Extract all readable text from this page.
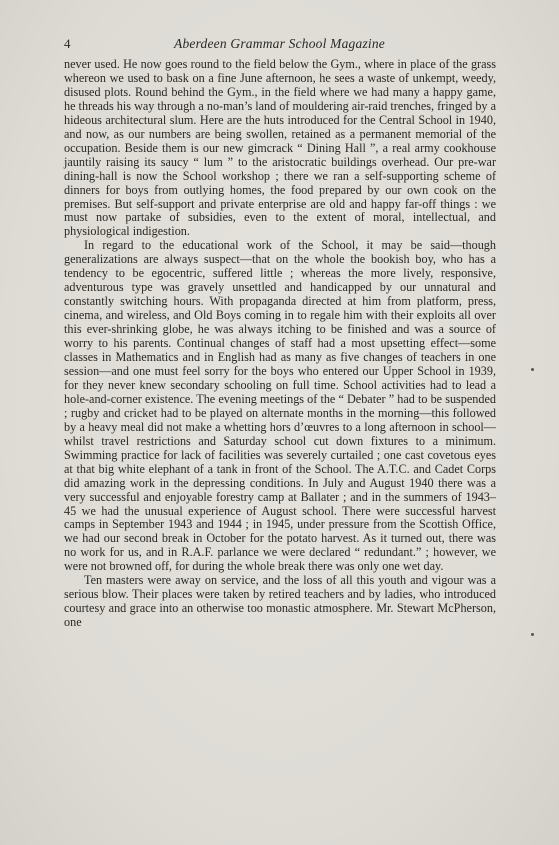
4	Aberdeen Grammar School Magazine

never used. He now goes round to the field below the Gym., where in place of the grass whereon we used to bask on a fine June afternoon, he sees a waste of unkempt, weedy, disused plots. Round behind the Gym., in the field where we had many a happy game, he threads his way through a no-man’s land of mouldering air-raid trenches, fringed by a hideous architectural slum. Here are the huts introduced for the Central School in 1940, and now, as our numbers are being swollen, retained as a permanent memorial of the occupation. Beside them is our new gimcrack “ Dining Hall ”, a real army cookhouse jauntily raising its saucy “ lum ” to the aristocratic buildings overhead. Our pre-war dining-hall is now the School workshop ; there we ran a self-supporting scheme of dinners for boys from outlying homes, the food prepared by our own cook on the premises. But self-support and private enterprise are old and happy far-off things : we must now partake of subsidies, even to the extent of moral, intellectual, and physiological indigestion.

In regard to the educational work of the School, it may be said—though generalizations are always suspect—that on the whole the bookish boy, who has a tendency to be egocentric, suffered little ; whereas the more lively, responsive, adventurous type was gravely unsettled and handicapped by our unnatural and constantly switching hours. With propaganda directed at him from platform, press, cinema, and wireless, and Old Boys coming in to regale him with their exploits all over this ever-shrinking globe, he was always itching to be finished and was a source of worry to his parents. Continual changes of staff had a most upsetting effect—some classes in Mathematics and in English had as many as five changes of teachers in one session—and one must feel sorry for the boys who entered our Upper School in 1939, for they never knew secondary schooling on full time. School activities had to lead a hole-and-corner existence. The evening meetings of the “ Debater ” had to be suspended ; rugby and cricket had to be played on alternate months in the morning—this followed by a heavy meal did not make a whetting hors d’œuvres to a long afternoon in school—whilst travel restrictions and Saturday school cut down fixtures to a minimum. Swimming practice for lack of facilities was severely curtailed ; one cast covetous eyes at that big white elephant of a tank in front of the School. The A.T.C. and Cadet Corps did amazing work in the depressing conditions. In July and August 1940 there was a very successful and enjoyable forestry camp at Ballater ; and in the summers of 1943–45 we had the unusual experience of August school. There were successful harvest camps in September 1943 and 1944 ; in 1945, under pressure from the Scottish Office, we had our second break in October for the potato harvest. As it turned out, there was no work for us, and in R.A.F. parlance we were declared “ redundant.” ; however, we were not browned off, for during the whole break there was only one wet day.

Ten masters were away on service, and the loss of all this youth and vigour was a serious blow. Their places were taken by retired teachers and by ladies, who introduced courtesy and grace into an otherwise too monastic atmosphere. Mr. Stewart McPherson, one
